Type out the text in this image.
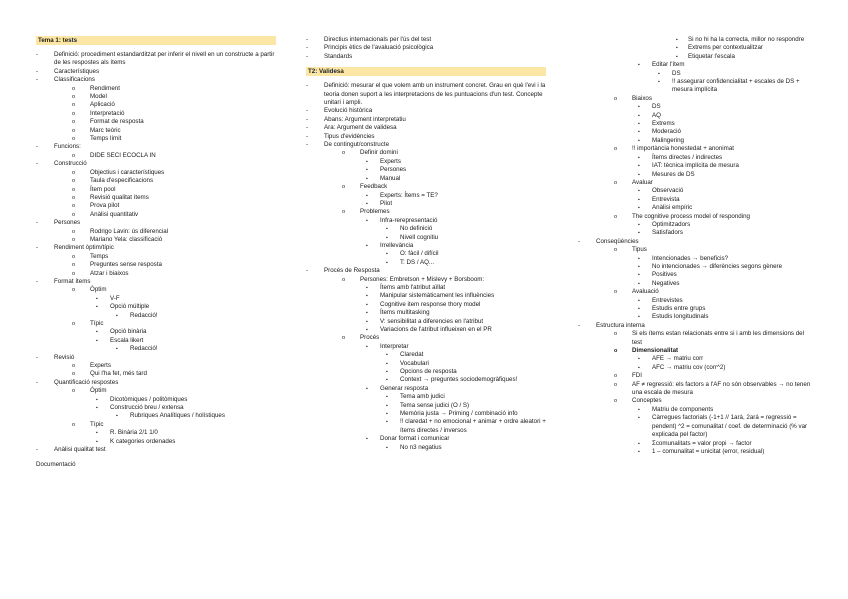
Tema 1: tests
- Definició: procediment estandarditzat per inferir el nivell en un constructe a partir de les respostes als ítems
- Característiques
- Classificacions
o Rendiment
o Model
o Aplicació
o Interpretació
o Format de resposta
o Marc teòric
o Temps límit
- Funcions:
o DIDE SECI ECOCLA IN
- Construcció
o Objectius i característiques
o Taula d'especificacions
o Ítem pool
o Revisió qualitat ítems
o Prova pilot
o Anàlisi quantitativ
- Persones
o Rodrigo Lavin: ús diferencial
o Mariano Yela: classificació
- Rendiment òptim/típic
o Temps
o Preguntes sense resposta
o Atzar i biaixos
- Format ítems
o Òptim
▪ V-F
▪ Opció múltiple
▪ Redacció!
o Típic
▪ Opció binària
▪ Escala likert
▪ Redacció!
- Revisió
o Experts
o Qui l'ha fet, més tard
- Quantificació respostes
o Òptim
▪ Dicotòmiques / politòmiques
▪ Construcció breu / extensa
▪ Rubriques Analítiques / holístiques
o Típic
▪ R. Binària 2/1 1/0
▪ K categories ordenades
- Anàlisi qualitat test
Documentació
- Directius internacionals per l'ús del test
- Principis ètics de l'avaluació psicològica
- Standards
T2: Validesa
- Definició: mesurar el que volem amb un instrument concret. Grau en què l'evi i la teoria donen suport a les interpretacions de les puntuacions d'un test. Concepte unitari i ampli.
- Evolució històrica
- Abans: Argument interpretatiu
- Ara: Argument de validesa
- Tipus d'evidències
- De contingut/constructe
o Definir domini
▪ Experts
▪ Persones
▪ Manual
o Feedback
▪ Experts: Ítems = TE?
▪ Pilot
o Problemes
▪ Infra-rerepresentació
▪ No definició
▪ Nivell cognitiu
▪ Irrellevància
▪ O: fàcil / difícil
▪ T: DS / AQ...
- Procés de Resposta
o Persones: Embretson + Mislevy + Borsboom:
▪ Ítems amb l'atribut aïllat
▪ Manipular sistemàticament les influències
▪ Cognitive item response thory model
▪ Ítems multitasking
▪ V: sensibilitat a diferencies en l'atribut
▪ Variacions de l'atribut influeixen en el PR
o Procés
▪ Interpretar
▪ Claredat
▪ Vocabulari
▪ Opcions de resposta
▪ Context → preguntes sociodemogràfiques!
▪ Generar resposta
▪ Tema amb judici
▪ Tema sense judici (O / S)
▪ Memòria justa → Priming / combinació info
▪ !! claredat + no emocional + animar + ordre aleatori + ítems directes / inversos
▪ Donar format i comunicar
▪ No n3 negatius
▪ Si no hi ha la correcta, millor no respondre
▪ Extrems per contextualitzar
▪ Etiquetar l'escala
▪ Editar l'ítem
▪ DS
▪ !! assegurar confidencialitat + escales de DS + mesura implícita
o Biaixos
▪ DS
▪ AQ
▪ Extrems
▪ Moderació
▪ Malingering
o !! importància honestedat + anonimat
▪ Ítems directes / indirectes
▪ IAT: tècnica implícita de mesura
▪ Mesures de DS
o Avaluar
▪ Observació
▪ Entrevista
▪ Anàlisi empíric
o The cognitive process model of responding
▪ Optimitzadors
▪ Satisfadors
- Conseqüències
o Tipus
▪ Intencionades → beneficis?
▪ No intencionades → diferències segons gènere
▪ Positives
▪ Negatives
o Avaluació
▪ Entrevistes
▪ Estudis entre grups
▪ Estudis longitudinals
- Estructura interna
o Si els ítems estan relacionats entre si i amb les dimensions del test
o Dimensionalitat
▪ AFE → matriu corr
▪ AFC → matriu cov (corr^2)
o FDI
o AF ≠ regressió: els factors a l'AF no són observables → no tenen una escala de mesura
o Conceptes
▪ Matriu de components
▪ Càrregues factorials (-1+1 // 1ará, 2ará = regressió = pendent) ^2 = comunalitat / coef. de determinació (% var explicada pel factor)
▪ Σcomunalitats = valor propi → factor
▪ 1 – comunalitat = unicitat (error, residual)
